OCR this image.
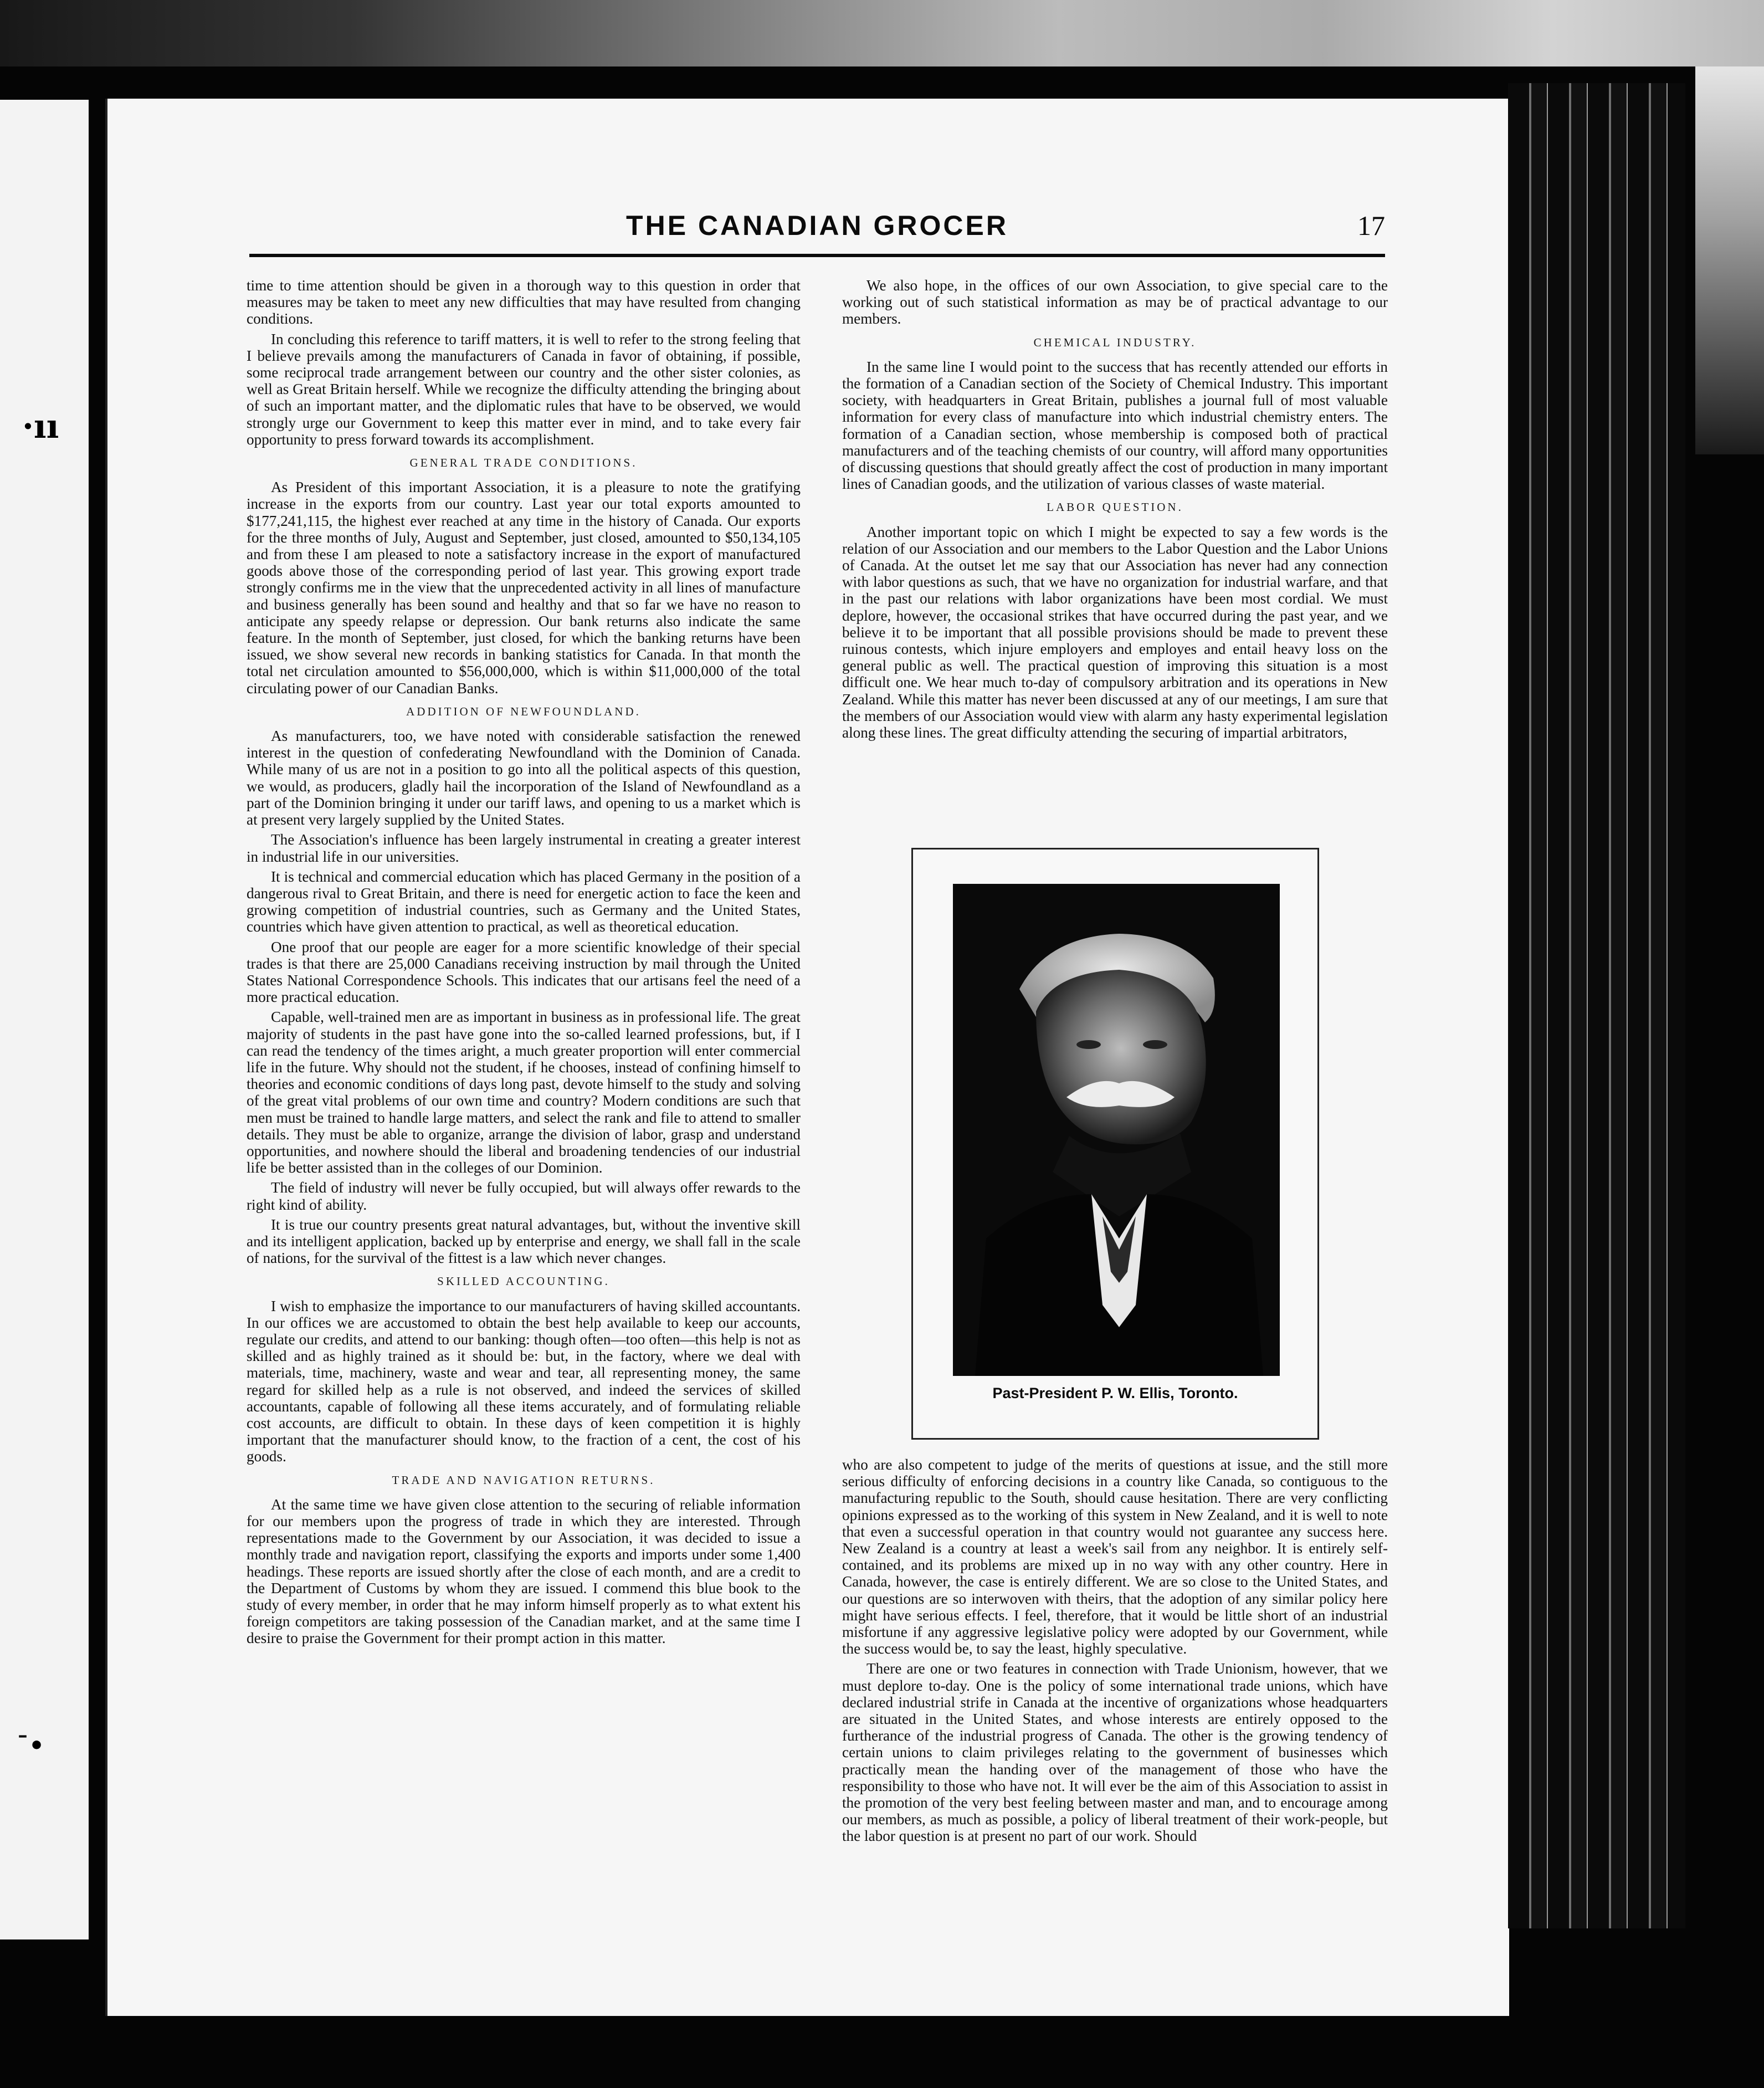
·ıı
ˉ•
THE CANADIAN GROCER	17

time to time attention should be given in a thorough way to this question in order that measures may be taken to meet any new difficulties that may have resulted from changing conditions.

In concluding this reference to tariff matters, it is well to refer to the strong feeling that I believe prevails among the manufacturers of Canada in favor of obtaining, if possible, some reciprocal trade arrangement between our country and the other sister colonies, as well as Great Britain herself. While we recognize the difficulty attending the bringing about of such an important matter, and the diplomatic rules that have to be observed, we would strongly urge our Government to keep this matter ever in mind, and to take every fair opportunity to press forward towards its accomplishment.

GENERAL TRADE CONDITIONS.

As President of this important Association, it is a pleasure to note the gratifying increase in the exports from our country. Last year our total exports amounted to $177,241,115, the highest ever reached at any time in the history of Canada. Our exports for the three months of July, August and September, just closed, amounted to $50,134,105 and from these I am pleased to note a satisfactory increase in the export of manufactured goods above those of the corresponding period of last year. This growing export trade strongly confirms me in the view that the unprecedented activity in all lines of manufacture and business generally has been sound and healthy and that so far we have no reason to anticipate any speedy relapse or depression. Our bank returns also indicate the same feature. In the month of September, just closed, for which the banking returns have been issued, we show several new records in banking statistics for Canada. In that month the total net circulation amounted to $56,000,000, which is within $11,000,000 of the total circulating power of our Canadian Banks.

ADDITION OF NEWFOUNDLAND.

As manufacturers, too, we have noted with considerable satisfaction the renewed interest in the question of confederating Newfoundland with the Dominion of Canada. While many of us are not in a position to go into all the political aspects of this question, we would, as producers, gladly hail the incorporation of the Island of Newfoundland as a part of the Dominion bringing it under our tariff laws, and opening to us a market which is at present very largely supplied by the United States.

The Association's influence has been largely instrumental in creating a greater interest in industrial life in our universities.

It is technical and commercial education which has placed Germany in the position of a dangerous rival to Great Britain, and there is need for energetic action to face the keen and growing competition of industrial countries, such as Germany and the United States, countries which have given attention to practical, as well as theoretical education.

One proof that our people are eager for a more scientific knowledge of their special trades is that there are 25,000 Canadians receiving instruction by mail through the United States National Correspondence Schools. This indicates that our artisans feel the need of a more practical education.

Capable, well-trained men are as important in business as in professional life. The great majority of students in the past have gone into the so-called learned professions, but, if I can read the tendency of the times aright, a much greater proportion will enter commercial life in the future. Why should not the student, if he chooses, instead of confining himself to theories and economic conditions of days long past, devote himself to the study and solving of the great vital problems of our own time and country? Modern conditions are such that men must be trained to handle large matters, and select the rank and file to attend to smaller details. They must be able to organize, arrange the division of labor, grasp and understand opportunities, and nowhere should the liberal and broadening tendencies of our industrial life be better assisted than in the colleges of our Dominion.

The field of industry will never be fully occupied, but will always offer rewards to the right kind of ability.

It is true our country presents great natural advantages, but, without the inventive skill and its intelligent application, backed up by enterprise and energy, we shall fall in the scale of nations, for the survival of the fittest is a law which never changes.

SKILLED ACCOUNTING.

I wish to emphasize the importance to our manufacturers of having skilled accountants. In our offices we are accustomed to obtain the best help available to keep our accounts, regulate our credits, and attend to our banking: though often—too often—this help is not as skilled and as highly trained as it should be: but, in the factory, where we deal with materials, time, machinery, waste and wear and tear, all representing money, the same regard for skilled help as a rule is not observed, and indeed the services of skilled accountants, capable of following all these items accurately, and of formulating reliable cost accounts, are difficult to obtain. In these days of keen competition it is highly important that the manufacturer should know, to the fraction of a cent, the cost of his goods.

TRADE AND NAVIGATION RETURNS.

At the same time we have given close attention to the securing of reliable information for our members upon the progress of trade in which they are interested. Through representations made to the Government by our Association, it was decided to issue a monthly trade and navigation report, classifying the exports and imports under some 1,400 headings. These reports are issued shortly after the close of each month, and are a credit to the Department of Customs by whom they are issued. I commend this blue book to the study of every member, in order that he may inform himself properly as to what extent his foreign competitors are taking possession of the Canadian market, and at the same time I desire to praise the Government for their prompt action in this matter.

We also hope, in the offices of our own Association, to give special care to the working out of such statistical information as may be of practical advantage to our members.

CHEMICAL INDUSTRY.

In the same line I would point to the success that has recently attended our efforts in the formation of a Canadian section of the Society of Chemical Industry. This important society, with headquarters in Great Britain, publishes a journal full of most valuable information for every class of manufacture into which industrial chemistry enters. The formation of a Canadian section, whose membership is composed both of practical manufacturers and of the teaching chemists of our country, will afford many opportunities of discussing questions that should greatly affect the cost of production in many important lines of Canadian goods, and the utilization of various classes of waste material.

LABOR QUESTION.

Another important topic on which I might be expected to say a few words is the relation of our Association and our members to the Labor Question and the Labor Unions of Canada. At the outset let me say that our Association has never had any connection with labor questions as such, that we have no organization for industrial warfare, and that in the past our relations with labor organizations have been most cordial. We must deplore, however, the occasional strikes that have occurred during the past year, and we believe it to be important that all possible provisions should be made to prevent these ruinous contests, which injure employers and employes and entail heavy loss on the general public as well. The practical question of improving this situation is a most difficult one. We hear much to-day of compulsory arbitration and its operations in New Zealand. While this matter has never been discussed at any of our meetings, I am sure that the members of our Association would view with alarm any hasty experimental legislation along these lines. The great difficulty attending the securing of impartial arbitrators,

Past-President P. W. Ellis, Toronto.

who are also competent to judge of the merits of questions at issue, and the still more serious difficulty of enforcing decisions in a country like Canada, so contiguous to the manufacturing republic to the South, should cause hesitation. There are very conflicting opinions expressed as to the working of this system in New Zealand, and it is well to note that even a successful operation in that country would not guarantee any success here. New Zealand is a country at least a week's sail from any neighbor. It is entirely self-contained, and its problems are mixed up in no way with any other country. Here in Canada, however, the case is entirely different. We are so close to the United States, and our questions are so interwoven with theirs, that the adoption of any similar policy here might have serious effects. I feel, therefore, that it would be little short of an industrial misfortune if any aggressive legislative policy were adopted by our Government, while the success would be, to say the least, highly speculative.

There are one or two features in connection with Trade Unionism, however, that we must deplore to-day. One is the policy of some international trade unions, which have declared industrial strife in Canada at the incentive of organizations whose headquarters are situated in the United States, and whose interests are entirely opposed to the furtherance of the industrial progress of Canada. The other is the growing tendency of certain unions to claim privileges relating to the government of businesses which practically mean the handing over of the management of those who have the responsibility to those who have not. It will ever be the aim of this Association to assist in the promotion of the very best feeling between master and man, and to encourage among our members, as much as possible, a policy of liberal treatment of their work-people, but the labor question is at present no part of our work. Should
